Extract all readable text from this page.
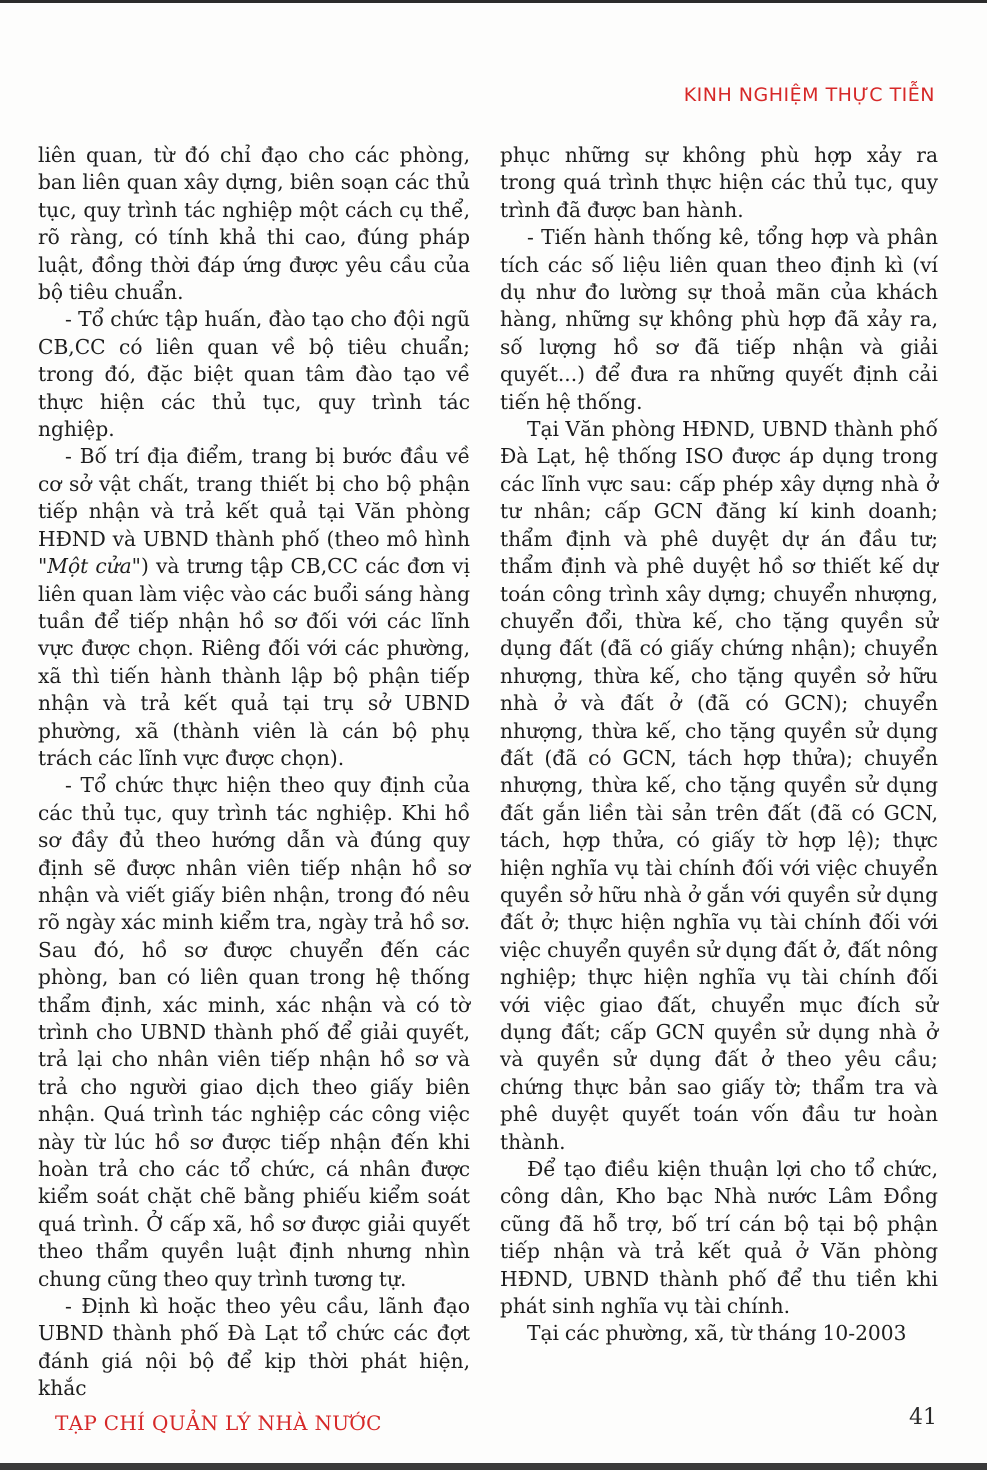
KINH NGHIỆM THỰC TIỄN

liên quan, từ đó chỉ đạo cho các phòng, ban liên quan xây dựng, biên soạn các thủ tục, quy trình tác nghiệp một cách cụ thể, rõ ràng, có tính khả thi cao, đúng pháp luật, đồng thời đáp ứng được yêu cầu của bộ tiêu chuẩn.

- Tổ chức tập huấn, đào tạo cho đội ngũ CB,CC có liên quan về bộ tiêu chuẩn; trong đó, đặc biệt quan tâm đào tạo về thực hiện các thủ tục, quy trình tác nghiệp.

- Bố trí địa điểm, trang bị bước đầu về cơ sở vật chất, trang thiết bị cho bộ phận tiếp nhận và trả kết quả tại Văn phòng HĐND và UBND thành phố (theo mô hình "Một cửa") và trưng tập CB,CC các đơn vị liên quan làm việc vào các buổi sáng hàng tuần để tiếp nhận hồ sơ đối với các lĩnh vực được chọn. Riêng đối với các phường, xã thì tiến hành thành lập bộ phận tiếp nhận và trả kết quả tại trụ sở UBND phường, xã (thành viên là cán bộ phụ trách các lĩnh vực được chọn).

- Tổ chức thực hiện theo quy định của các thủ tục, quy trình tác nghiệp. Khi hồ sơ đầy đủ theo hướng dẫn và đúng quy định sẽ được nhân viên tiếp nhận hồ sơ nhận và viết giấy biên nhận, trong đó nêu rõ ngày xác minh kiểm tra, ngày trả hồ sơ. Sau đó, hồ sơ được chuyển đến các phòng, ban có liên quan trong hệ thống thẩm định, xác minh, xác nhận và có tờ trình cho UBND thành phố để giải quyết, trả lại cho nhân viên tiếp nhận hồ sơ và trả cho người giao dịch theo giấy biên nhận. Quá trình tác nghiệp các công việc này từ lúc hồ sơ được tiếp nhận đến khi hoàn trả cho các tổ chức, cá nhân được kiểm soát chặt chẽ bằng phiếu kiểm soát quá trình. Ở cấp xã, hồ sơ được giải quyết theo thẩm quyền luật định nhưng nhìn chung cũng theo quy trình tương tự.

- Định kì hoặc theo yêu cầu, lãnh đạo UBND thành phố Đà Lạt tổ chức các đợt đánh giá nội bộ để kịp thời phát hiện, khắc

phục những sự không phù hợp xảy ra trong quá trình thực hiện các thủ tục, quy trình đã được ban hành.

- Tiến hành thống kê, tổng hợp và phân tích các số liệu liên quan theo định kì (ví dụ như đo lường sự thoả mãn của khách hàng, những sự không phù hợp đã xảy ra, số lượng hồ sơ đã tiếp nhận và giải quyết...) để đưa ra những quyết định cải tiến hệ thống.

Tại Văn phòng HĐND, UBND thành phố Đà Lạt, hệ thống ISO được áp dụng trong các lĩnh vực sau: cấp phép xây dựng nhà ở tư nhân; cấp GCN đăng kí kinh doanh; thẩm định và phê duyệt dự án đầu tư; thẩm định và phê duyệt hồ sơ thiết kế dự toán công trình xây dựng; chuyển nhượng, chuyển đổi, thừa kế, cho tặng quyền sử dụng đất (đã có giấy chứng nhận); chuyển nhượng, thừa kế, cho tặng quyền sở hữu nhà ở và đất ở (đã có GCN); chuyển nhượng, thừa kế, cho tặng quyền sử dụng đất (đã có GCN, tách hợp thửa); chuyển nhượng, thừa kế, cho tặng quyền sử dụng đất gắn liền tài sản trên đất (đã có GCN, tách, hợp thửa, có giấy tờ hợp lệ); thực hiện nghĩa vụ tài chính đối với việc chuyển quyền sở hữu nhà ở gắn với quyền sử dụng đất ở; thực hiện nghĩa vụ tài chính đối với việc chuyển quyền sử dụng đất ở, đất nông nghiệp; thực hiện nghĩa vụ tài chính đối với việc giao đất, chuyển mục đích sử dụng đất; cấp GCN quyền sử dụng nhà ở và quyền sử dụng đất ở theo yêu cầu; chứng thực bản sao giấy tờ; thẩm tra và phê duyệt quyết toán vốn đầu tư hoàn thành.

Để tạo điều kiện thuận lợi cho tổ chức, công dân, Kho bạc Nhà nước Lâm Đồng cũng đã hỗ trợ, bố trí cán bộ tại bộ phận tiếp nhận và trả kết quả ở Văn phòng HĐND, UBND thành phố để thu tiền khi phát sinh nghĩa vụ tài chính.

Tại các phường, xã, từ tháng 10-2003

TẠP CHÍ QUẢN LÝ NHÀ NƯỚC	41
